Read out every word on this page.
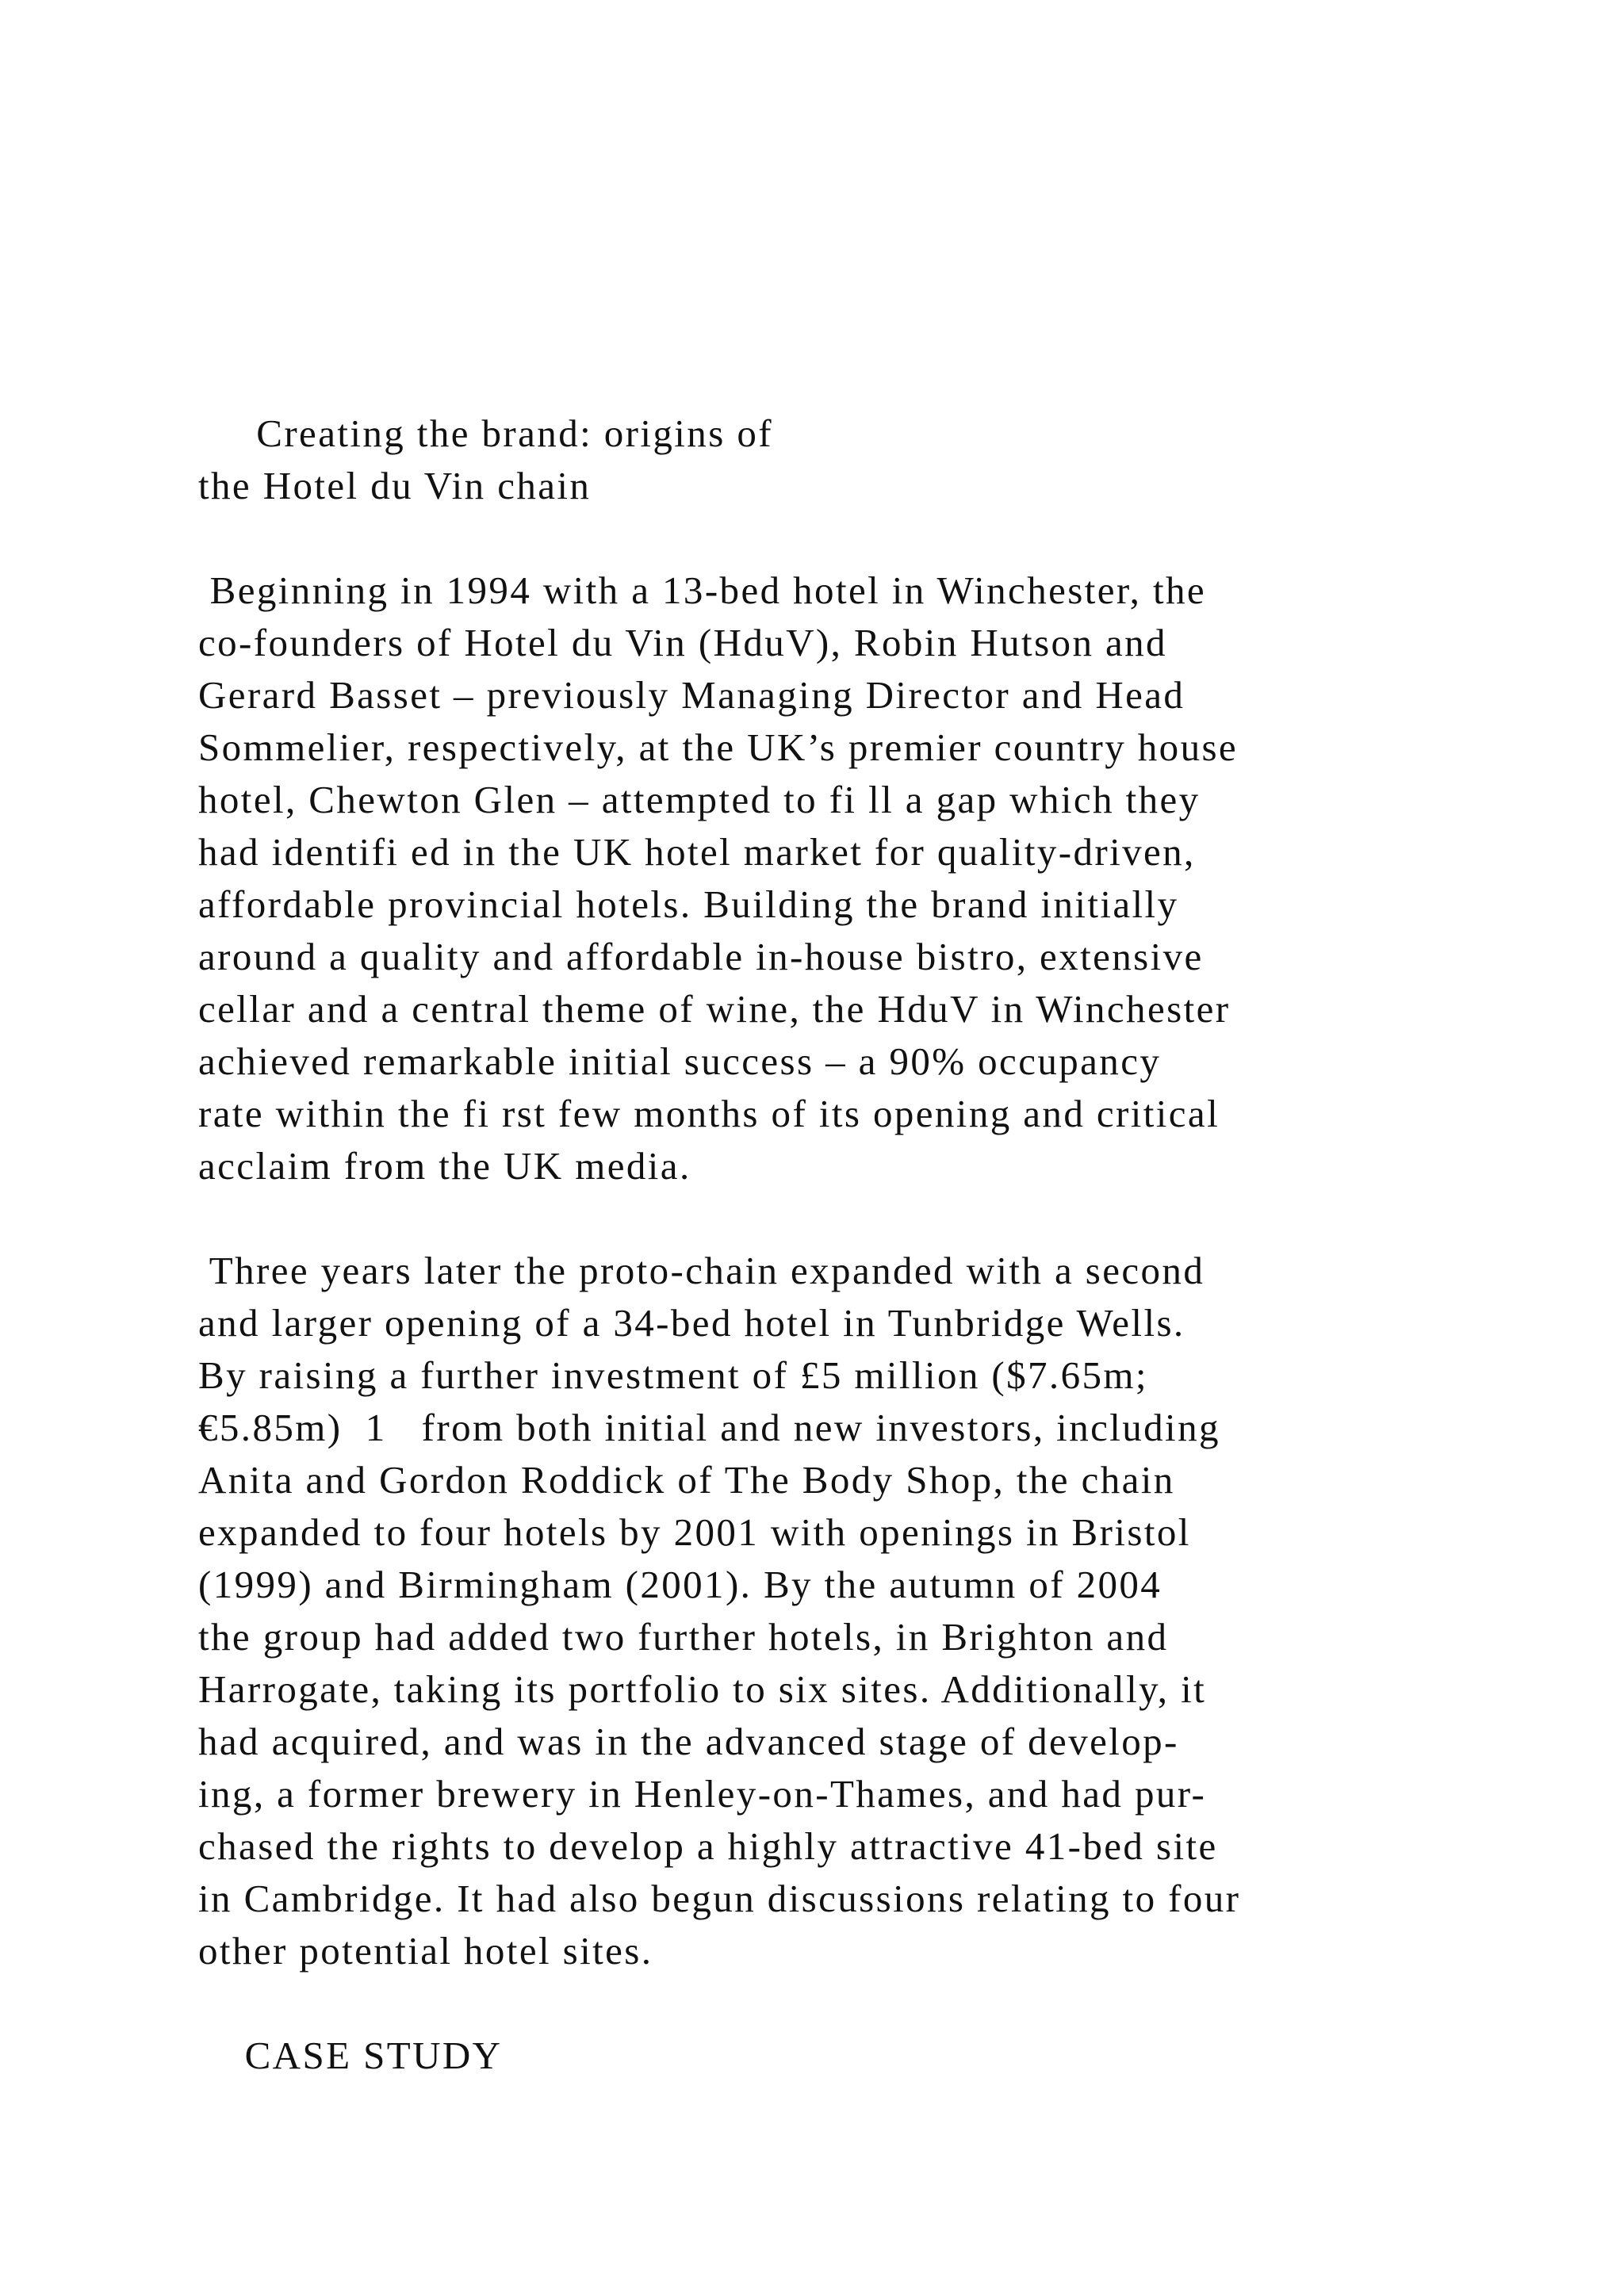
Creating the brand: origins of

the Hotel du Vin chain

Beginning in 1994 with a 13-bed hotel in Winchester, the

co-founders of Hotel du Vin (HduV), Robin Hutson and

Gerard Basset – previously Managing Director and Head

Sommelier, respectively, at the UK’s premier country house

hotel, Chewton Glen – attempted to fi ll a gap which they

had identifi ed in the UK hotel market for quality-driven,

affordable provincial hotels. Building the brand initially

around a quality and affordable in-house bistro, extensive

cellar and a central theme of wine, the HduV in Winchester

achieved remarkable initial success – a 90% occupancy

rate within the fi rst few months of its opening and critical

acclaim from the UK media.

Three years later the proto-chain expanded with a second

and larger opening of a 34-bed hotel in Tunbridge Wells.

By raising a further investment of £5 million ($7.65m;

€5.85m)  1   from both initial and new investors, including

Anita and Gordon Roddick of The Body Shop, the chain

expanded to four hotels by 2001 with openings in Bristol

(1999) and Birmingham (2001). By the autumn of 2004

the group had added two further hotels, in Brighton and

Harrogate, taking its portfolio to six sites. Additionally, it

had acquired, and was in the advanced stage of develop-

ing, a former brewery in Henley-on-Thames, and had pur-

chased the rights to develop a highly attractive 41-bed site

in Cambridge. It had also begun discussions relating to four

other potential hotel sites.

CASE STUDY
